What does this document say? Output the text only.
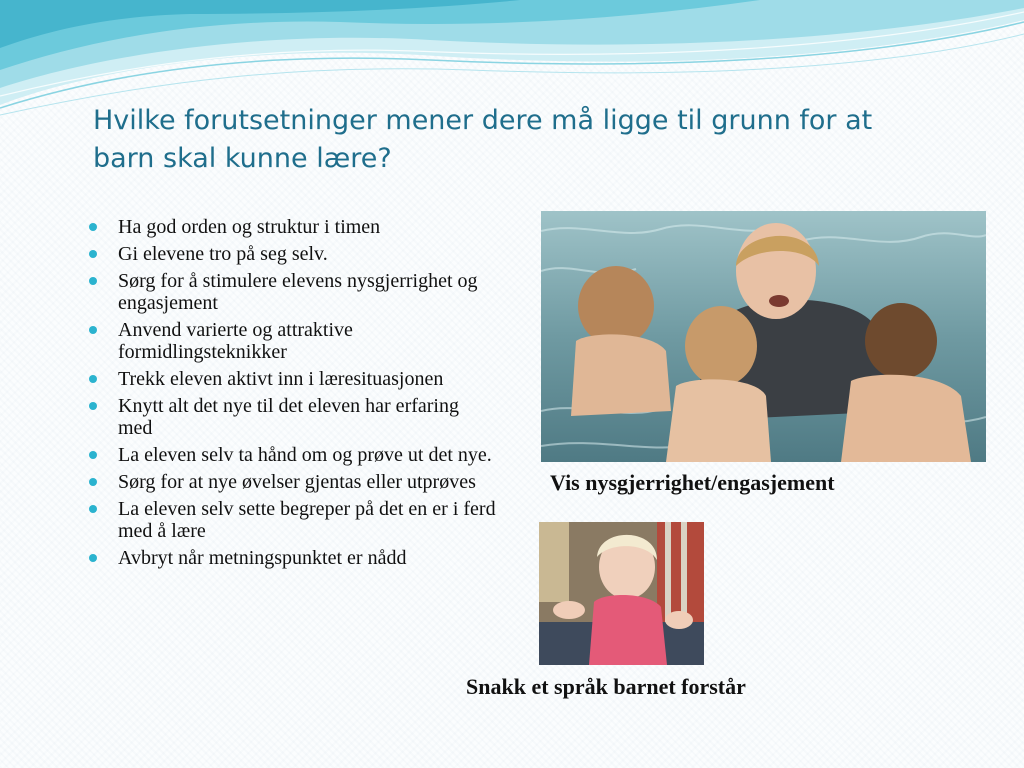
Hvilke forutsetninger mener dere må ligge til grunn for at barn skal kunne lære?
Ha god orden og struktur i timen
Gi elevene tro på seg selv.
Sørg for å stimulere elevens nysgjerrighet og engasjement
Anvend varierte og attraktive formidlingsteknikker
Trekk eleven aktivt inn i læresituasjonen
Knytt alt det nye til det eleven har erfaring med
La eleven selv ta hånd om og prøve ut det nye.
Sørg for at nye øvelser gjentas eller utprøves
La eleven selv sette begreper på det en er i ferd med å lære
Avbryt når metningspunktet er nådd
Vis nysgjerrighet/engasjement
Snakk et språk barnet forstår
